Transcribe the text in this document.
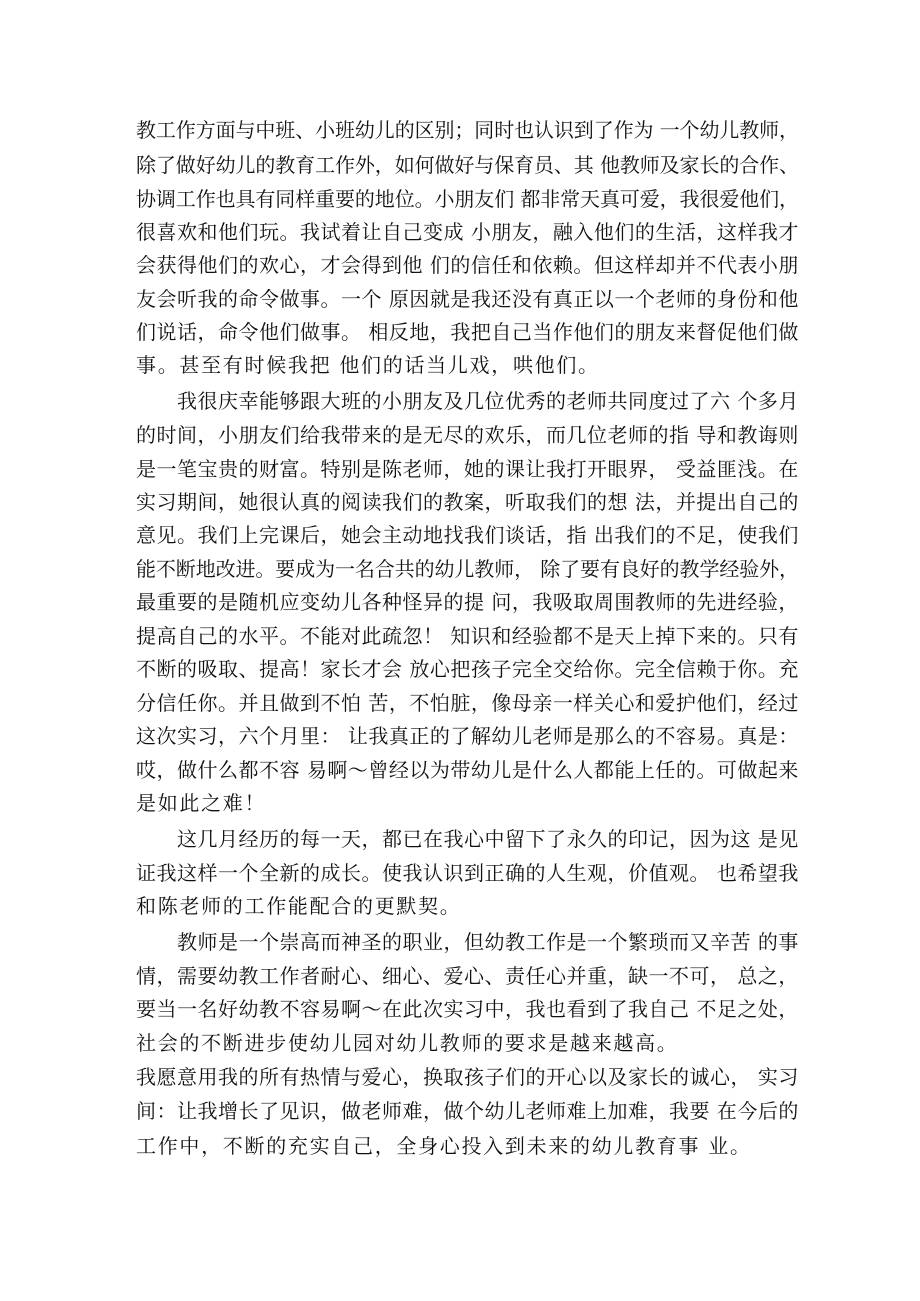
教工作方面与中班、小班幼儿的区别；同时也认识到了作为 一个幼儿教师，
除了做好幼儿的教育工作外，如何做好与保育员、其 他教师及家长的合作、
协调工作也具有同样重要的地位。小朋友们 都非常天真可爱，我很爱他们，
很喜欢和他们玩。我试着让自己变成 小朋友，融入他们的生活，这样我才
会获得他们的欢心，才会得到他 们的信任和依赖。但这样却并不代表小朋
友会听我的命令做事。一个 原因就是我还没有真正以一个老师的身份和他
们说话，命令他们做事。 相反地，我把自己当作他们的朋友来督促他们做
事。甚至有时候我把 他们的话当儿戏，哄他们。
　　我很庆幸能够跟大班的小朋友及几位优秀的老师共同度过了六 个多月
的时间，小朋友们给我带来的是无尽的欢乐，而几位老师的指 导和教诲则
是一笔宝贵的财富。特别是陈老师，她的课让我打开眼界， 受益匪浅。在
实习期间，她很认真的阅读我们的教案，听取我们的想 法，并提出自己的
意见。我们上完课后，她会主动地找我们谈话，指 出我们的不足，使我们
能不断地改进。要成为一名合共的幼儿教师， 除了要有良好的教学经验外，
最重要的是随机应变幼儿各种怪异的提 问，我吸取周围教师的先进经验，
提高自己的水平。不能对此疏忽！ 知识和经验都不是天上掉下来的。只有
不断的吸取、提高！家长才会 放心把孩子完全交给你。完全信赖于你。充
分信任你。并且做到不怕 苦，不怕脏，像母亲一样关心和爱护他们，经过
这次实习，六个月里： 让我真正的了解幼儿老师是那么的不容易。真是：
哎，做什么都不容 易啊～曾经以为带幼儿是什么人都能上任的。可做起来
是如此之难！
　　这几月经历的每一天，都已在我心中留下了永久的印记，因为这 是见
证我这样一个全新的成长。使我认识到正确的人生观，价值观。 也希望我
和陈老师的工作能配合的更默契。
　　教师是一个崇高而神圣的职业，但幼教工作是一个繁琐而又辛苦 的事
情，需要幼教工作者耐心、细心、爱心、责任心并重，缺一不可， 总之，
要当一名好幼教不容易啊～在此次实习中，我也看到了我自己 不足之处，
社会的不断进步使幼儿园对幼儿教师的要求是越来越高。
我愿意用我的所有热情与爱心，换取孩子们的开心以及家长的诚心， 实习
间：让我增长了见识，做老师难，做个幼儿老师难上加难，我要 在今后的
工作中，不断的充实自己，全身心投入到未来的幼儿教育事 业。
